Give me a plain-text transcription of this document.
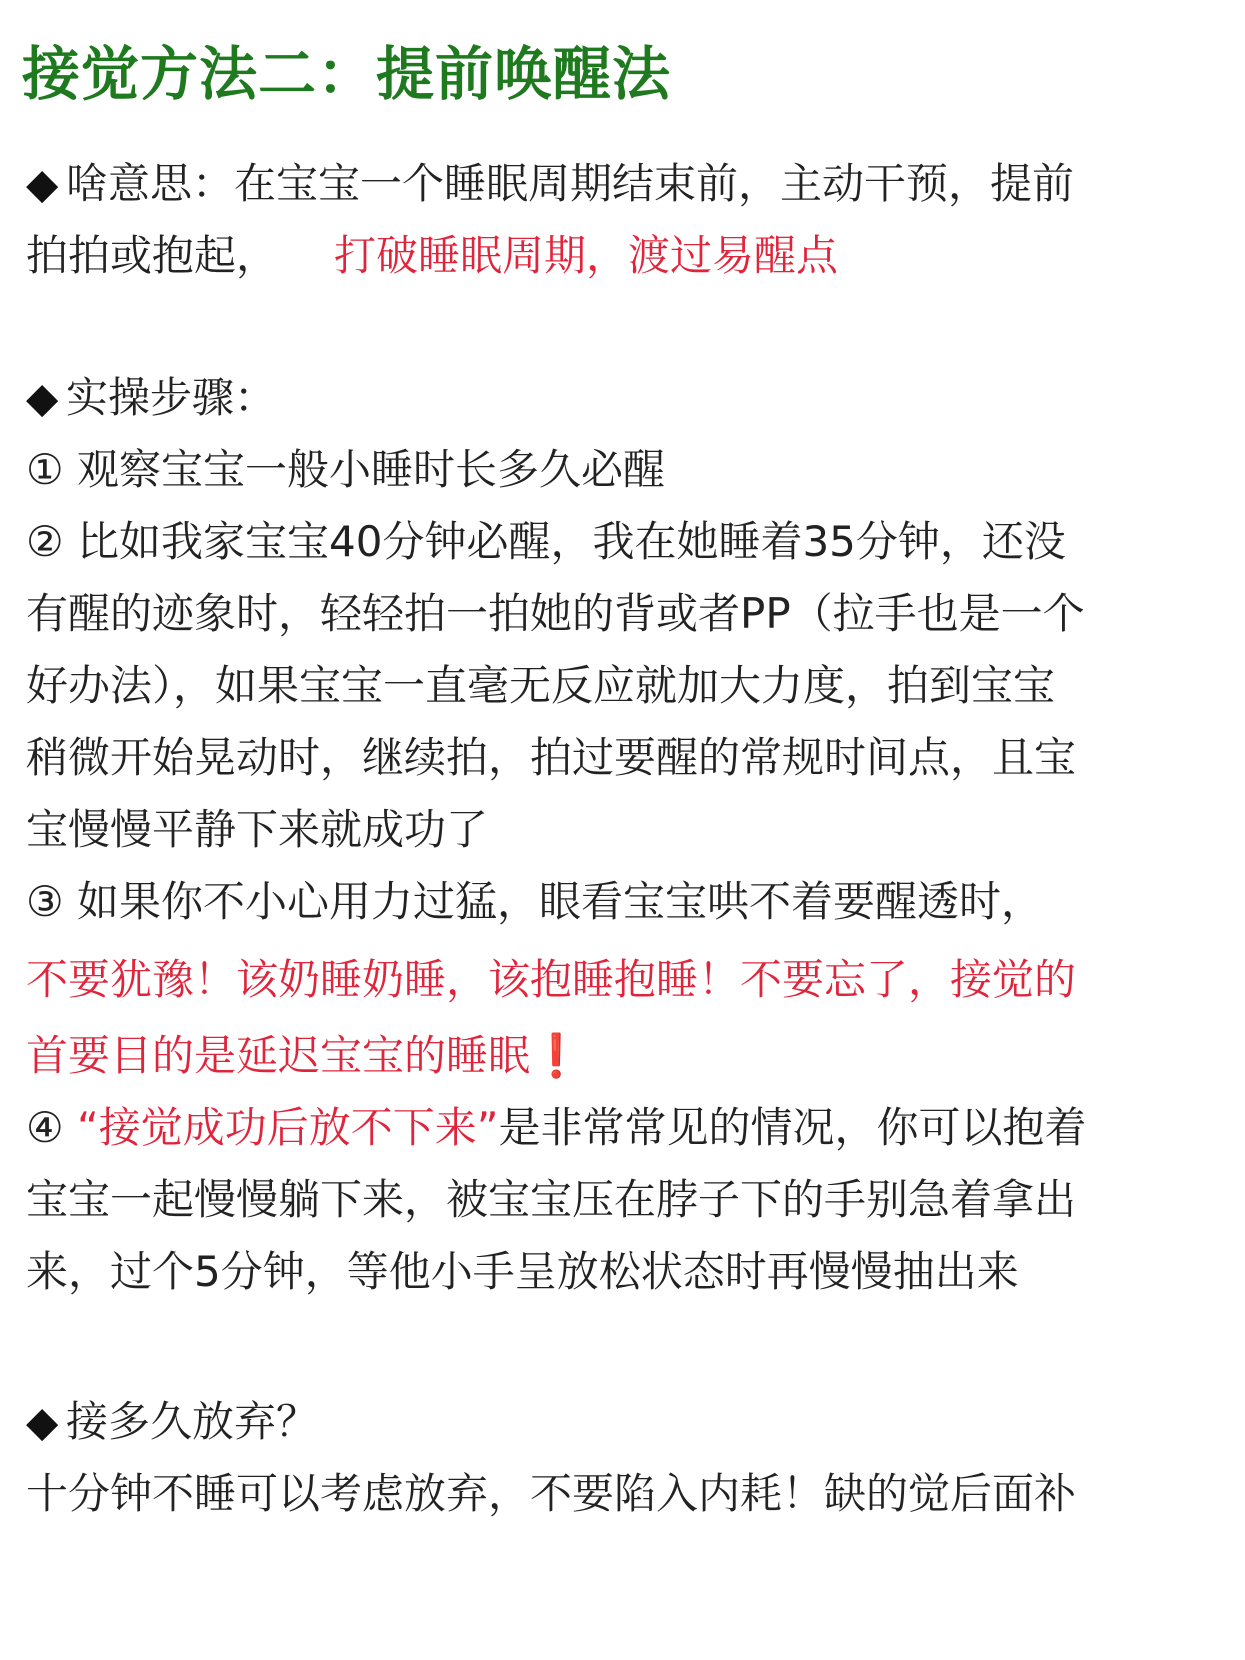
接觉方法二：提前唤醒法
◆ 啥意思：在宝宝一个睡眠周期结束前，主动干预，提前
拍拍或抱起， 打破睡眠周期，渡过易醒点
◆ 实操步骤：
① 观察宝宝一般小睡时长多久必醒
② 比如我家宝宝40分钟必醒，我在她睡着35分钟，还没
有醒的迹象时，轻轻拍一拍她的背或者PP（拉手也是一个
好办法），如果宝宝一直毫无反应就加大力度，拍到宝宝
稍微开始晃动时，继续拍，拍过要醒的常规时间点，且宝
宝慢慢平静下来就成功了
③ 如果你不小心用力过猛，眼看宝宝哄不着要醒透时，
不要犹豫！该奶睡奶睡，该抱睡抱睡！不要忘了，接觉的
首要目的是延迟宝宝的睡眠❗
④ “接觉成功后放不下来”是非常常见的情况，你可以抱着
宝宝一起慢慢躺下来，被宝宝压在脖子下的手别急着拿出
来，过个5分钟，等他小手呈放松状态时再慢慢抽出来
◆ 接多久放弃？
十分钟不睡可以考虑放弃，不要陷入内耗！缺的觉后面补
